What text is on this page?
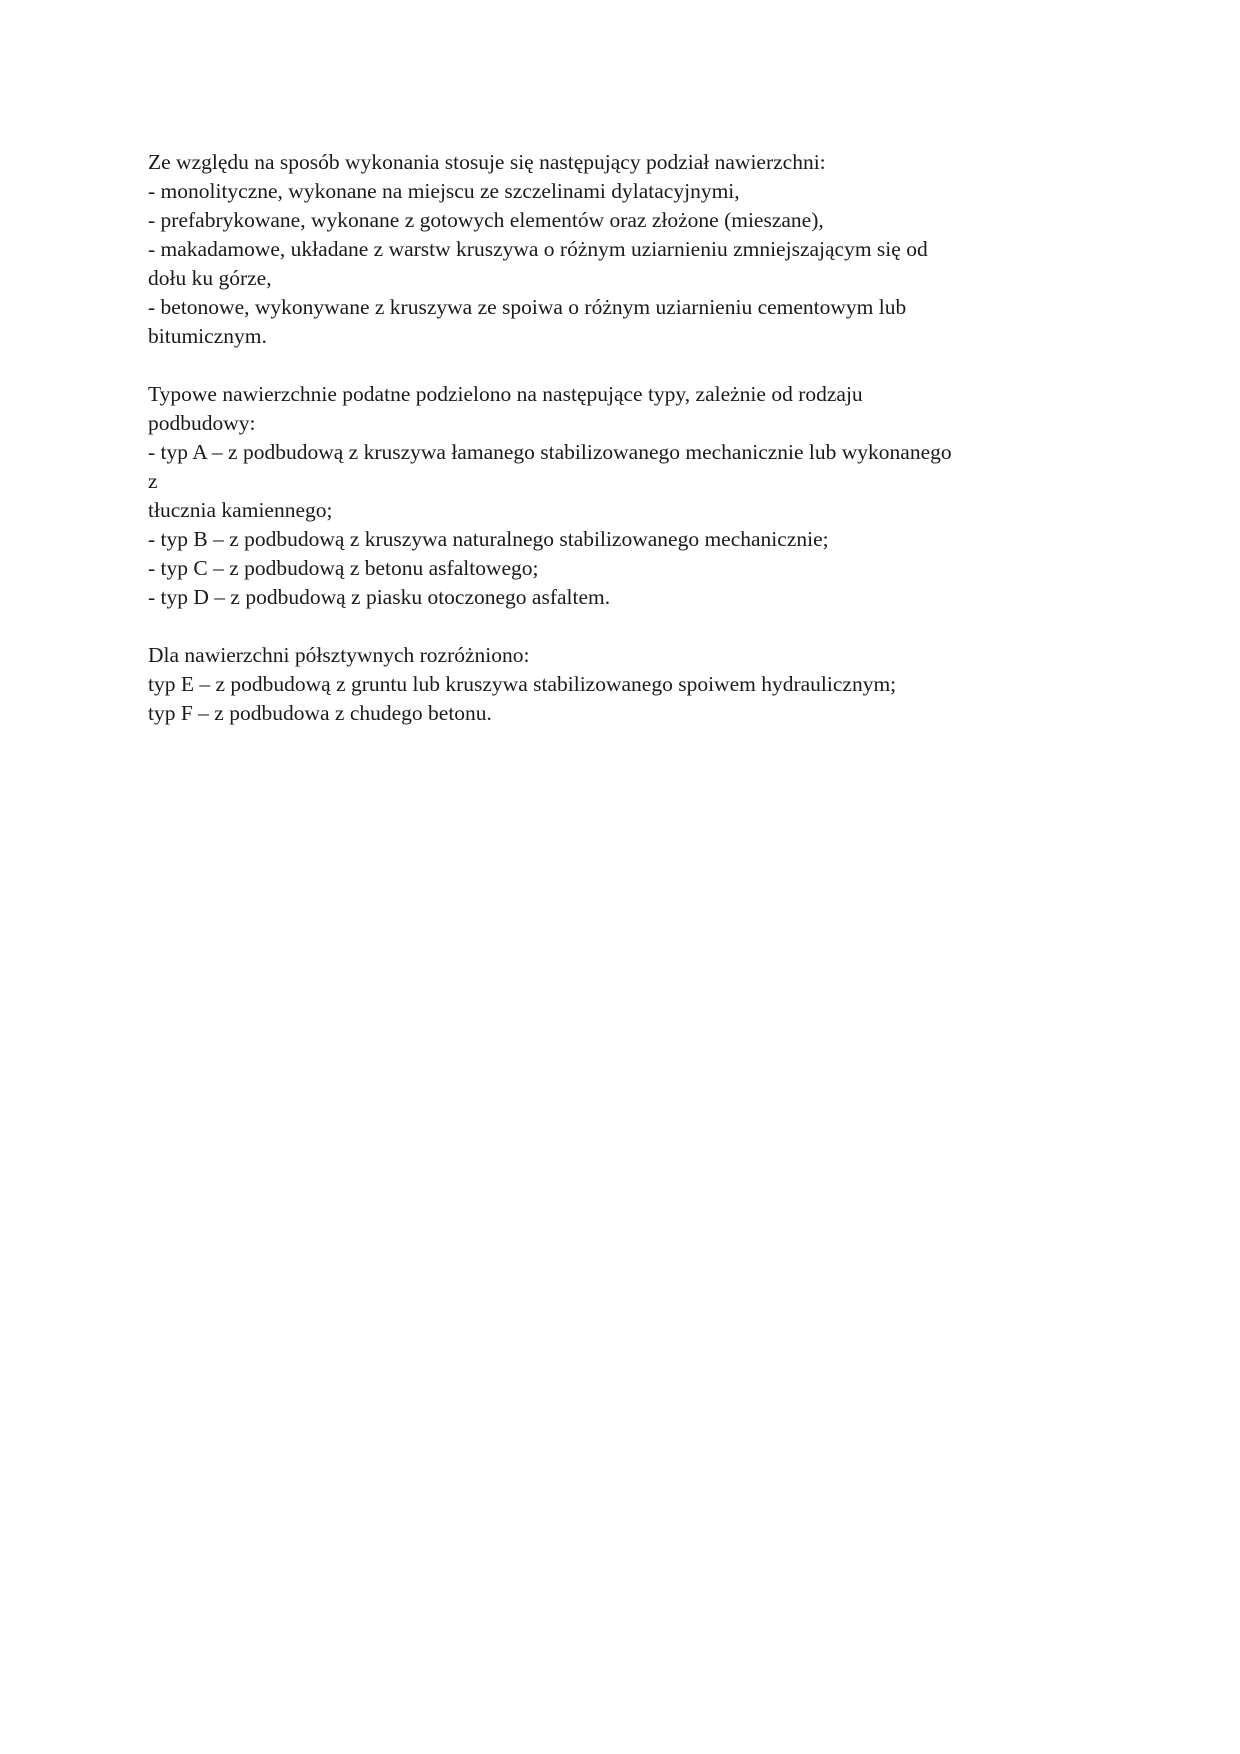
Ze względu na sposób wykonania stosuje się następujący podział nawierzchni:
- monolityczne, wykonane na miejscu ze szczelinami dylatacyjnymi,
- prefabrykowane, wykonane z gotowych elementów oraz złożone (mieszane),
- makadamowe, układane z warstw kruszywa o różnym uziarnieniu zmniejszającym się od
dołu ku górze,
- betonowe, wykonywane z kruszywa ze spoiwa o różnym uziarnieniu cementowym lub
bitumicznym.
Typowe nawierzchnie podatne podzielono na następujące typy, zależnie od rodzaju
podbudowy:
- typ A – z podbudową z kruszywa łamanego stabilizowanego mechanicznie lub wykonanego
z
tłucznia kamiennego;
- typ B – z podbudową z kruszywa naturalnego stabilizowanego mechanicznie;
- typ C – z podbudową z betonu asfaltowego;
- typ D – z podbudową z piasku otoczonego asfaltem.
Dla nawierzchni półsztywnych rozróżniono:
typ E – z podbudową z gruntu lub kruszywa stabilizowanego spoiwem hydraulicznym;
typ F – z podbudowa z chudego betonu.
